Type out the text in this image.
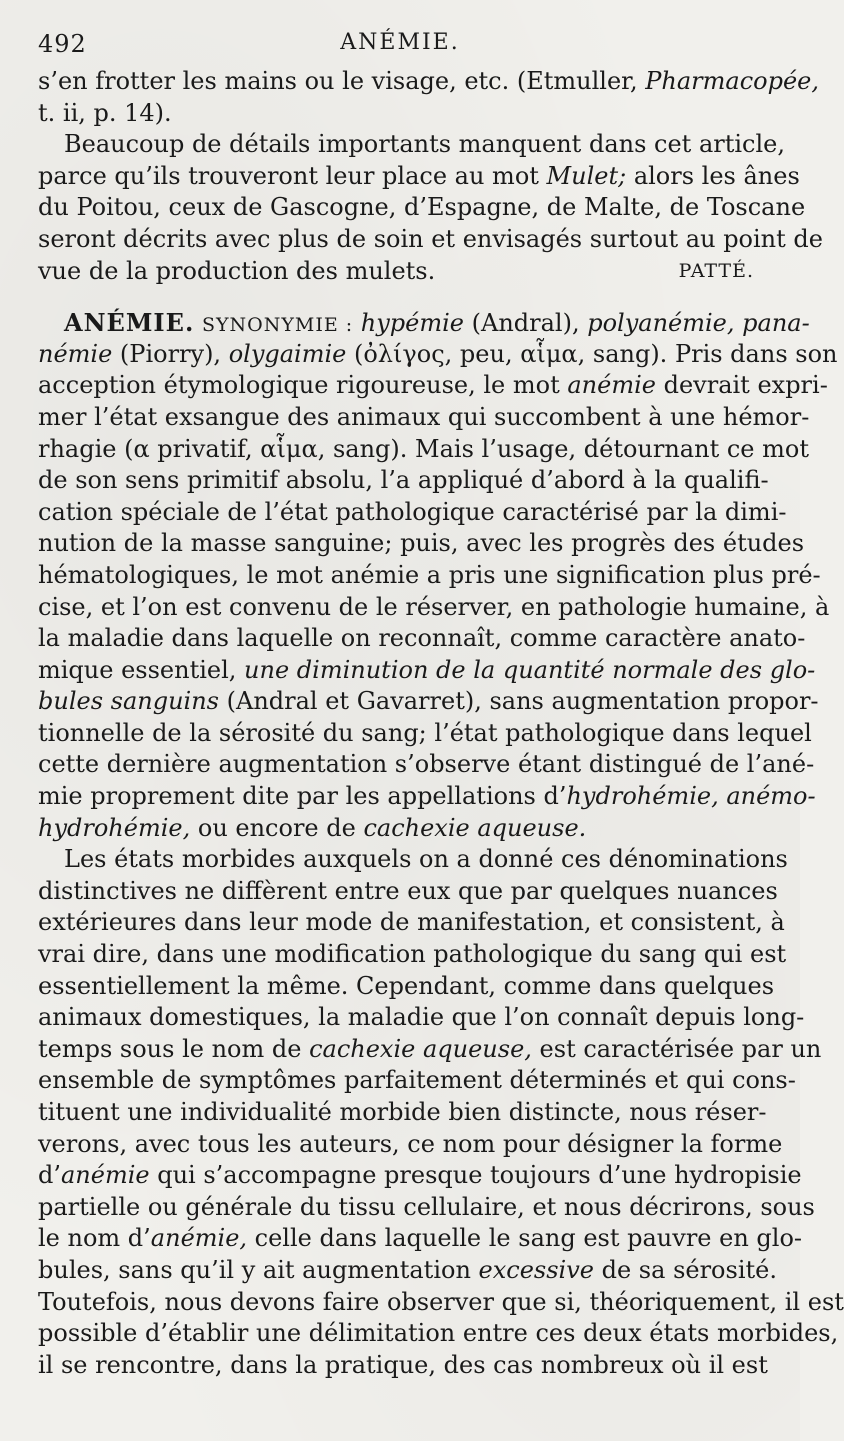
492	ANÉMIE.
s’en frotter les mains ou le visage, etc. (Etmuller, Pharmacopée,
t. ii, p. 14).
Beaucoup de détails importants manquent dans cet article,
parce qu’ils trouveront leur place au mot Mulet; alors les ânes
du Poitou, ceux de Gascogne, d’Espagne, de Malte, de Toscane
seront décrits avec plus de soin et envisagés surtout au point de
vue de la production des mulets.	PATTÉ.
ANÉMIE. SYNONYMIE : hypémie (Andral), polyanémie, pana-
némie (Piorry), olygaimie (ὀλίγος, peu, αἷμα, sang). Pris dans son
acception étymologique rigoureuse, le mot anémie devrait expri-
mer l’état exsangue des animaux qui succombent à une hémor-
rhagie (α privatif, αἷμα, sang). Mais l’usage, détournant ce mot
de son sens primitif absolu, l’a appliqué d’abord à la qualifi-
cation spéciale de l’état pathologique caractérisé par la dimi-
nution de la masse sanguine; puis, avec les progrès des études
hématologiques, le mot anémie a pris une signification plus pré-
cise, et l’on est convenu de le réserver, en pathologie humaine, à
la maladie dans laquelle on reconnaît, comme caractère anato-
mique essentiel, une diminution de la quantité normale des glo-
bules sanguins (Andral et Gavarret), sans augmentation propor-
tionnelle de la sérosité du sang; l’état pathologique dans lequel
cette dernière augmentation s’observe étant distingué de l’ané-
mie proprement dite par les appellations d’hydrohémie, anémo-
hydrohémie, ou encore de cachexie aqueuse.
Les états morbides auxquels on a donné ces dénominations
distinctives ne diffèrent entre eux que par quelques nuances
extérieures dans leur mode de manifestation, et consistent, à
vrai dire, dans une modification pathologique du sang qui est
essentiellement la même. Cependant, comme dans quelques
animaux domestiques, la maladie que l’on connaît depuis long-
temps sous le nom de cachexie aqueuse, est caractérisée par un
ensemble de symptômes parfaitement déterminés et qui cons-
tituent une individualité morbide bien distincte, nous réser-
verons, avec tous les auteurs, ce nom pour désigner la forme
d’anémie qui s’accompagne presque toujours d’une hydropisie
partielle ou générale du tissu cellulaire, et nous décrirons, sous
le nom d’anémie, celle dans laquelle le sang est pauvre en glo-
bules, sans qu’il y ait augmentation excessive de sa sérosité.
Toutefois, nous devons faire observer que si, théoriquement, il est
possible d’établir une délimitation entre ces deux états morbides,
il se rencontre, dans la pratique, des cas nombreux où il est
